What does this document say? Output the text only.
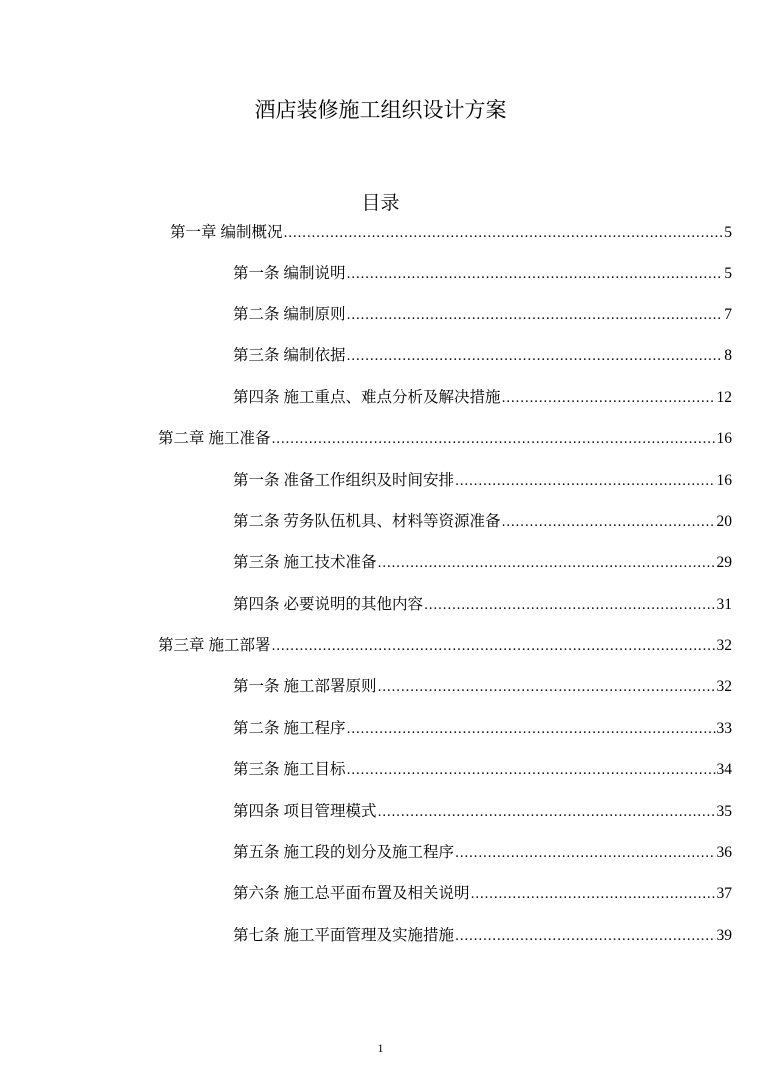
酒店装修施工组织设计方案
目录
第一章 编制概况 .....	5
第一条 编制说明 .....	5
第二条 编制原则 .....	7
第三条 编制依据 .....	8
第四条 施工重点、难点分析及解决措施 .....	12
第二章 施工准备 .....	16
第一条 准备工作组织及时间安排 .....	16
第二条 劳务队伍机具、材料等资源准备 .....	20
第三条 施工技术准备 .....	29
第四条 必要说明的其他内容 .....	31
第三章 施工部署 .....	32
第一条 施工部署原则 .....	32
第二条 施工程序 .....	33
第三条 施工目标 .....	34
第四条 项目管理模式 .....	35
第五条 施工段的划分及施工程序 .....	36
第六条 施工总平面布置及相关说明 .....	37
第七条 施工平面管理及实施措施 .....	39
1
